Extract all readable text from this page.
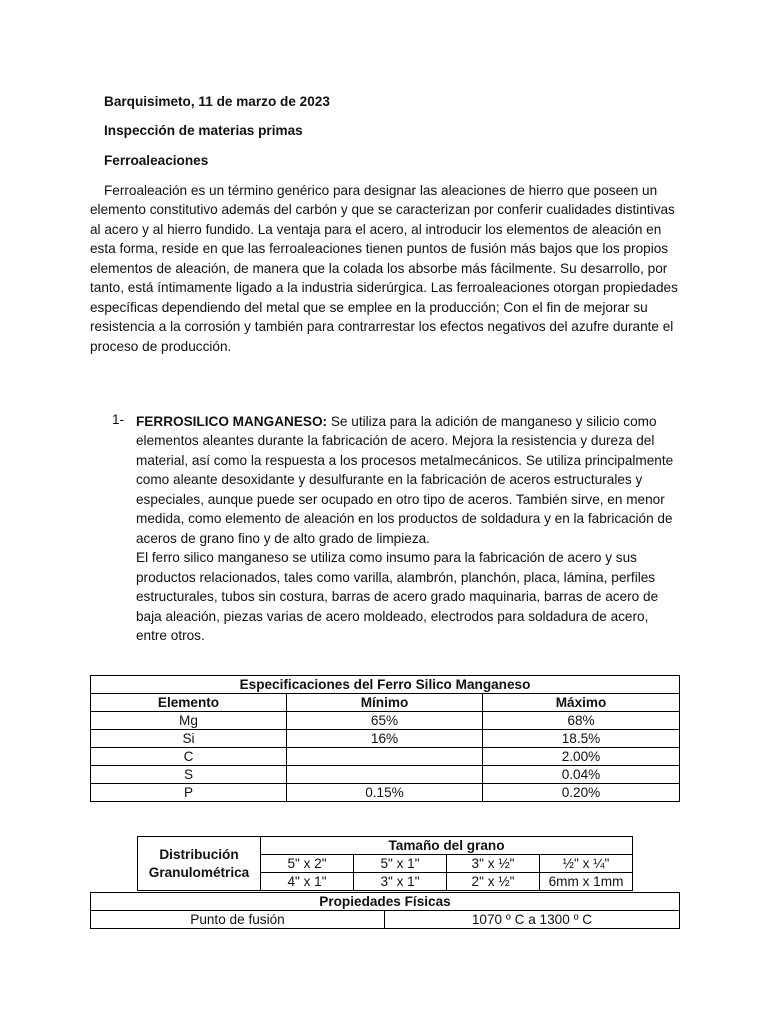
Barquisimeto, 11 de marzo de 2023

Inspección de materias primas

Ferroaleaciones

Ferroaleación es un término genérico para designar las aleaciones de hierro que poseen un elemento constitutivo además del carbón y que se caracterizan por conferir cualidades distintivas al acero y al hierro fundido. La ventaja para el acero, al introducir los elementos de aleación en esta forma, reside en que las ferroaleaciones tienen puntos de fusión más bajos que los propios elementos de aleación, de manera que la colada los absorbe más fácilmente. Su desarrollo, por tanto, está íntimamente ligado a la industria siderúrgica. Las ferroaleaciones otorgan propiedades específicas dependiendo del metal que se emplee en la producción; Con el fin de mejorar su resistencia a la corrosión y también para contrarrestar los efectos negativos del azufre durante el proceso de producción.

1- FERROSILICO MANGANESO: Se utiliza para la adición de manganeso y silicio como elementos aleantes durante la fabricación de acero. Mejora la resistencia y dureza del material, así como la respuesta a los procesos metalmecánicos. Se utiliza principalmente como aleante desoxidante y desulfurante en la fabricación de aceros estructurales y especiales, aunque puede ser ocupado en otro tipo de aceros. También sirve, en menor medida, como elemento de aleación en los productos de soldadura y en la fabricación de aceros de grano fino y de alto grado de limpieza.

El ferro silico manganeso se utiliza como insumo para la fabricación de acero y sus productos relacionados, tales como varilla, alambrón, planchón, placa, lámina, perfiles estructurales, tubos sin costura, barras de acero grado maquinaria, barras de acero de baja aleación, piezas varias de acero moldeado, electrodos para soldadura de acero, entre otros.

Especificaciones del Ferro Silico Manganeso		
Elemento	Mínimo	Máximo
Mg	65%	68%
Si	16%	18.5%
C		2.00%
S		0.04%
P	0.15%	0.20%
Distribución Granulométrica	Tamaño del grano			
	5" x 2"	5" x 1"	3" x ½"	½" x ¼"
	4" x 1"	3" x 1"	2" x ½"	6mm x 1mm
Propiedades Físicas
Punto de fusión	1070 º C a 1300 º C
